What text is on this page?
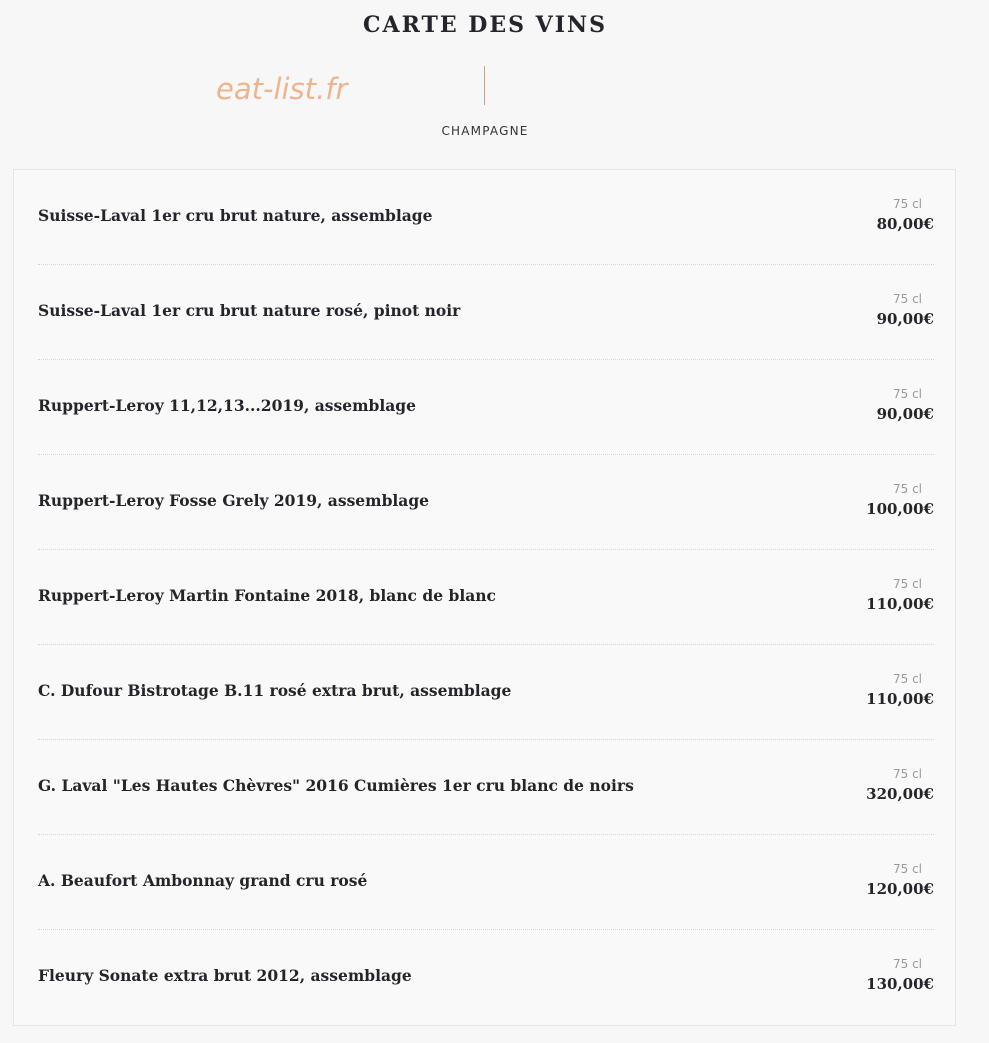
CARTE DES VINS
eat-list.fr
CHAMPAGNE
Suisse-Laval 1er cru brut nature, assemblage
75 cl
80,00€
Suisse-Laval 1er cru brut nature rosé, pinot noir
75 cl
90,00€
Ruppert-Leroy 11,12,13...2019, assemblage
75 cl
90,00€
Ruppert-Leroy Fosse Grely 2019, assemblage
75 cl
100,00€
Ruppert-Leroy Martin Fontaine 2018, blanc de blanc
75 cl
110,00€
C. Dufour Bistrotage B.11 rosé extra brut, assemblage
75 cl
110,00€
G. Laval "Les Hautes Chèvres" 2016 Cumières 1er cru blanc de noirs
75 cl
320,00€
A. Beaufort Ambonnay grand cru rosé
75 cl
120,00€
Fleury Sonate extra brut 2012, assemblage
75 cl
130,00€
